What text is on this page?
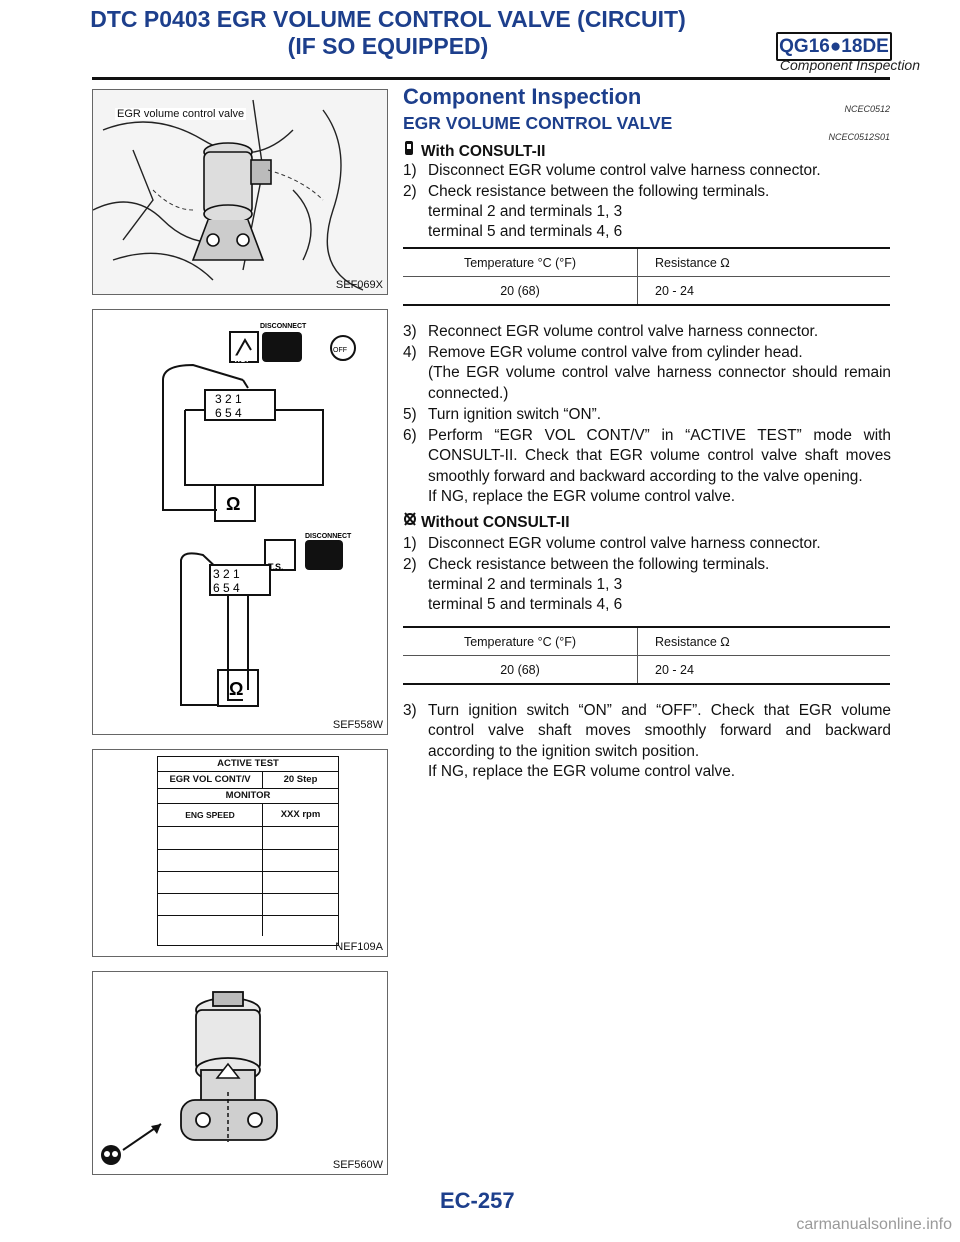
DTC P0403 EGR VOLUME CONTROL VALVE (CIRCUIT)
(IF SO EQUIPPED)	QG16●18DE
Component Inspection
EGR volume control valve
SEF069X
OFF
DISCONNECT
T.S.
3 2 1
6 5 4
Ω
DISCONNECT
T.S.
3 2 1
6 5 4
Ω
SEF558W
ACTIVE TEST
EGR VOL CONT/V	20 Step
MONITOR
ENG SPEED	XXX rpm
NEF109A
SEF560W
Component Inspection	NCEC0512
EGR VOLUME CONTROL VALVE
NCEC0512S01
With CONSULT-II
1) Disconnect EGR volume control valve harness connector.
2) Check resistance between the following terminals.
terminal 2 and terminals 1, 3
terminal 5 and terminals 4, 6
Temperature °C (°F)	Resistance Ω
20 (68)	20 - 24
3) Reconnect EGR volume control valve harness connector.
4) Remove EGR volume control valve from cylinder head.
(The EGR volume control valve harness connector should remain connected.)
5) Turn ignition switch “ON”.
6) Perform “EGR VOL CONT/V” in “ACTIVE TEST” mode with CONSULT-II. Check that EGR volume control valve shaft moves smoothly forward and backward according to the valve opening.
If NG, replace the EGR volume control valve.
Without CONSULT-II
1) Disconnect EGR volume control valve harness connector.
2) Check resistance between the following terminals.
terminal 2 and terminals 1, 3
terminal 5 and terminals 4, 6
Temperature °C (°F)	Resistance Ω
20 (68)	20 - 24
3) Turn ignition switch “ON” and “OFF”. Check that EGR volume control valve shaft moves smoothly forward and backward according to the ignition switch position.
If NG, replace the EGR volume control valve.
EC-257
carmanualsonline.info
